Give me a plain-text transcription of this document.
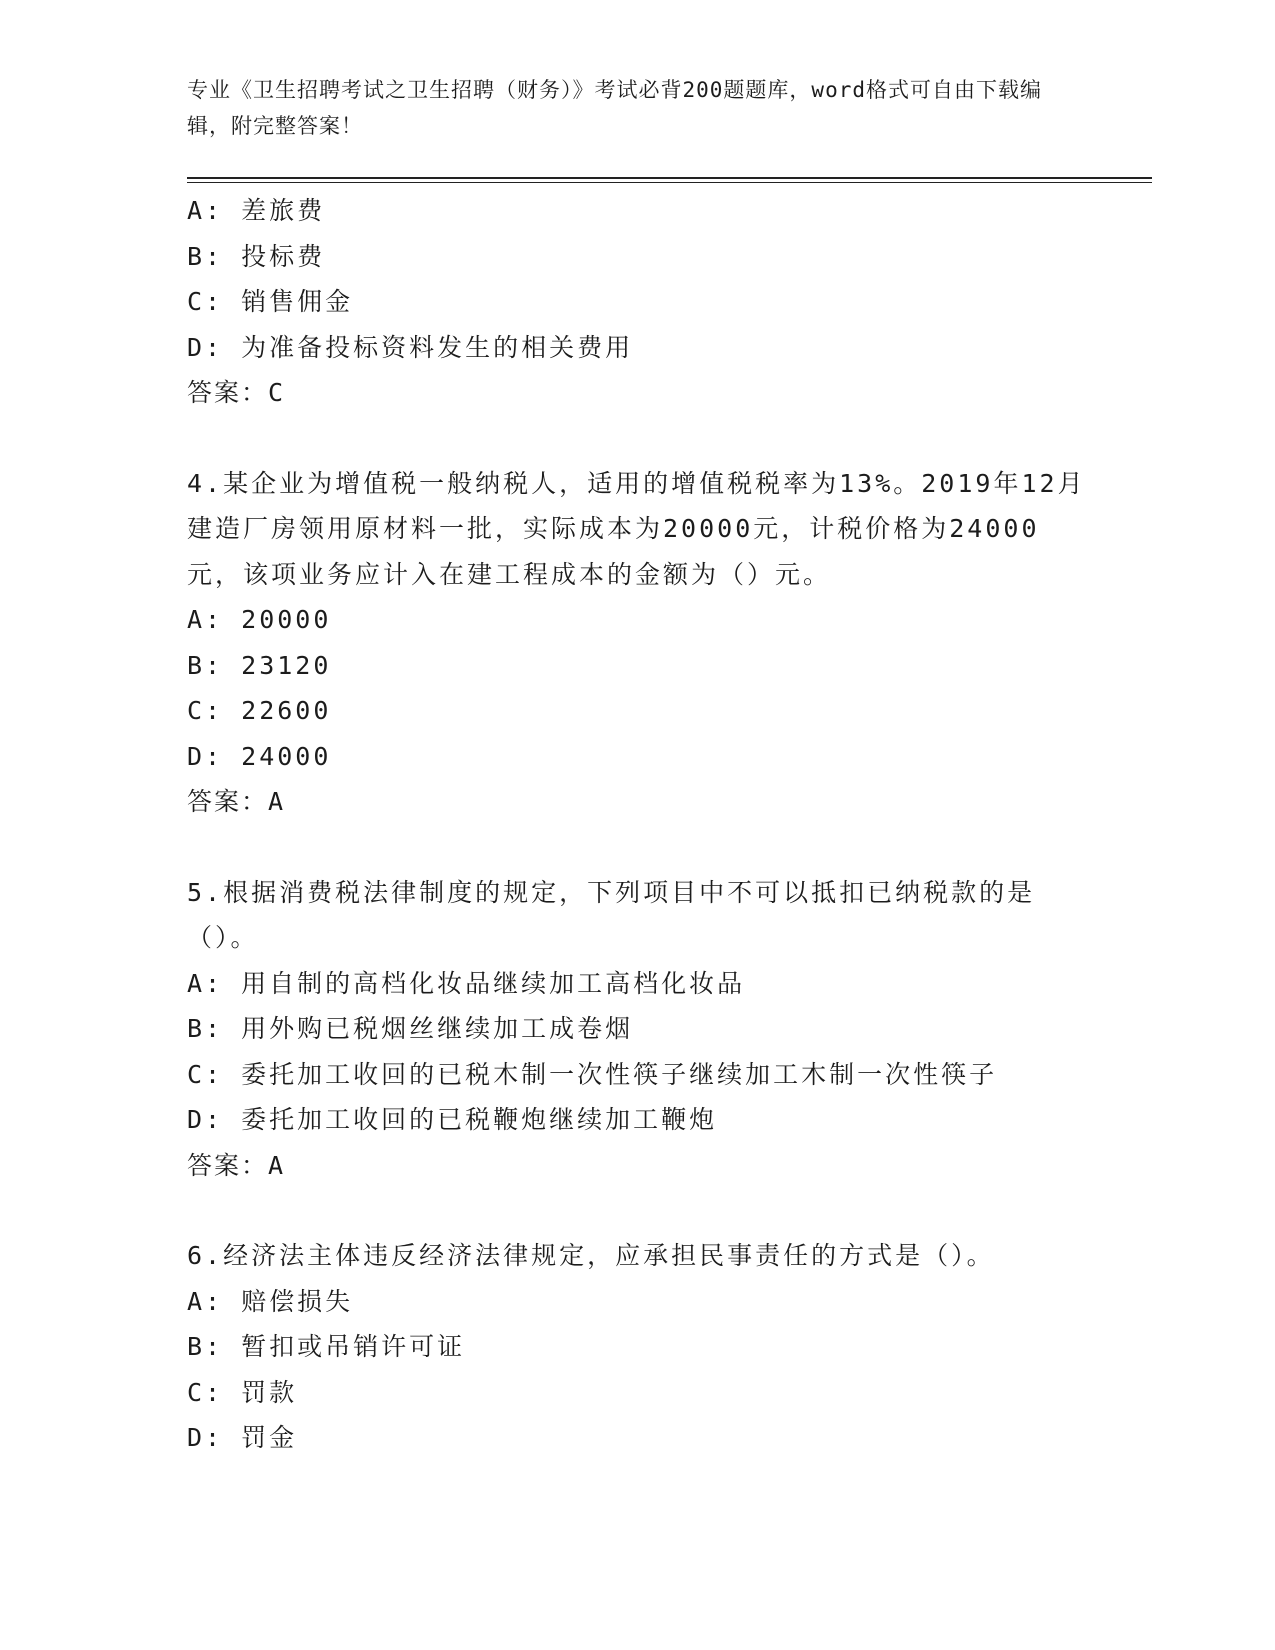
专业《卫生招聘考试之卫生招聘（财务）》考试必背200题题库，word格式可自由下载编辑，附完整答案！
A: 差旅费
B: 投标费
C: 销售佣金
D: 为准备投标资料发生的相关费用
答案：C
4.某企业为增值税一般纳税人，适用的增值税税率为13%。2019年12月建造厂房领用原材料一批，实际成本为20000元，计税价格为24000元，该项业务应计入在建工程成本的金额为（）元。
A: 20000
B: 23120
C: 22600
D: 24000
答案：A
5.根据消费税法律制度的规定，下列项目中不可以抵扣已纳税款的是（）。
A: 用自制的高档化妆品继续加工高档化妆品
B: 用外购已税烟丝继续加工成卷烟
C: 委托加工收回的已税木制一次性筷子继续加工木制一次性筷子
D: 委托加工收回的已税鞭炮继续加工鞭炮
答案：A
6.经济法主体违反经济法律规定，应承担民事责任的方式是（）。
A: 赔偿损失
B: 暂扣或吊销许可证
C: 罚款
D: 罚金
